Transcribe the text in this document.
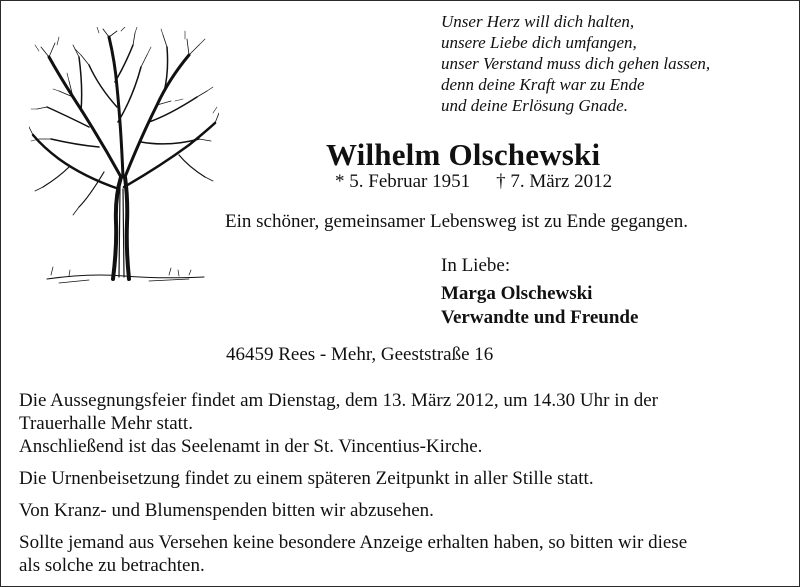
Unser Herz will dich halten,
unsere Liebe dich umfangen,
unser Verstand muss dich gehen lassen,
denn deine Kraft war zu Ende
und deine Erlösung Gnade.
Wilhelm Olschewski
* 5. Februar 1951 † 7. März 2012
Ein schöner, gemeinsamer Lebensweg ist zu Ende gegangen.
In Liebe:
Marga Olschewski
Verwandte und Freunde
46459 Rees - Mehr, Geeststraße 16
Die Aussegnungsfeier findet am Dienstag, dem 13. März 2012, um 14.30 Uhr in der
Trauerhalle Mehr statt.
Anschließend ist das Seelenamt in der St. Vincentius-Kirche.
Die Urnenbeisetzung findet zu einem späteren Zeitpunkt in aller Stille statt.
Von Kranz- und Blumenspenden bitten wir abzusehen.
Sollte jemand aus Versehen keine besondere Anzeige erhalten haben, so bitten wir diese
als solche zu betrachten.
